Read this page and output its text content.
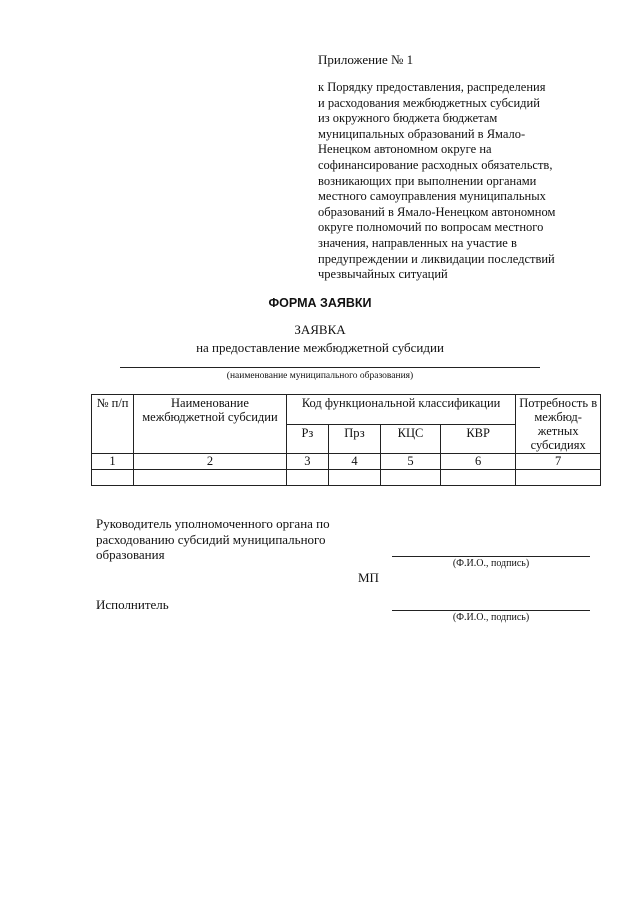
Приложение № 1
к Порядку предоставления, распределения
и расходования межбюджетных субсидий
из окружного бюджета бюджетам
муниципальных образований в Ямало-
Ненецком автономном округе на
софинансирование расходных обязательств,
возникающих при выполнении органами
местного самоуправления муниципальных
образований в Ямало-Ненецком автономном
округе полномочий по вопросам местного
значения, направленных на участие в
предупреждении и ликвидации последствий
чрезвычайных ситуаций
ФОРМА ЗАЯВКИ
ЗАЯВКА
на предоставление межбюджетной субсидии
(наименование муниципального образования)
№ п/п	Наименование межбюджетной субсидии	Код функциональной классификации				Потребность в межбюд-жетных субсидиях
		Рз	Прз	КЦС	КВР	
1	2	3	4	5	6	7

Руководитель уполномоченного органа по расходованию субсидий муниципального образования
(Ф.И.О., подпись)
МП
Исполнитель
(Ф.И.О., подпись)
